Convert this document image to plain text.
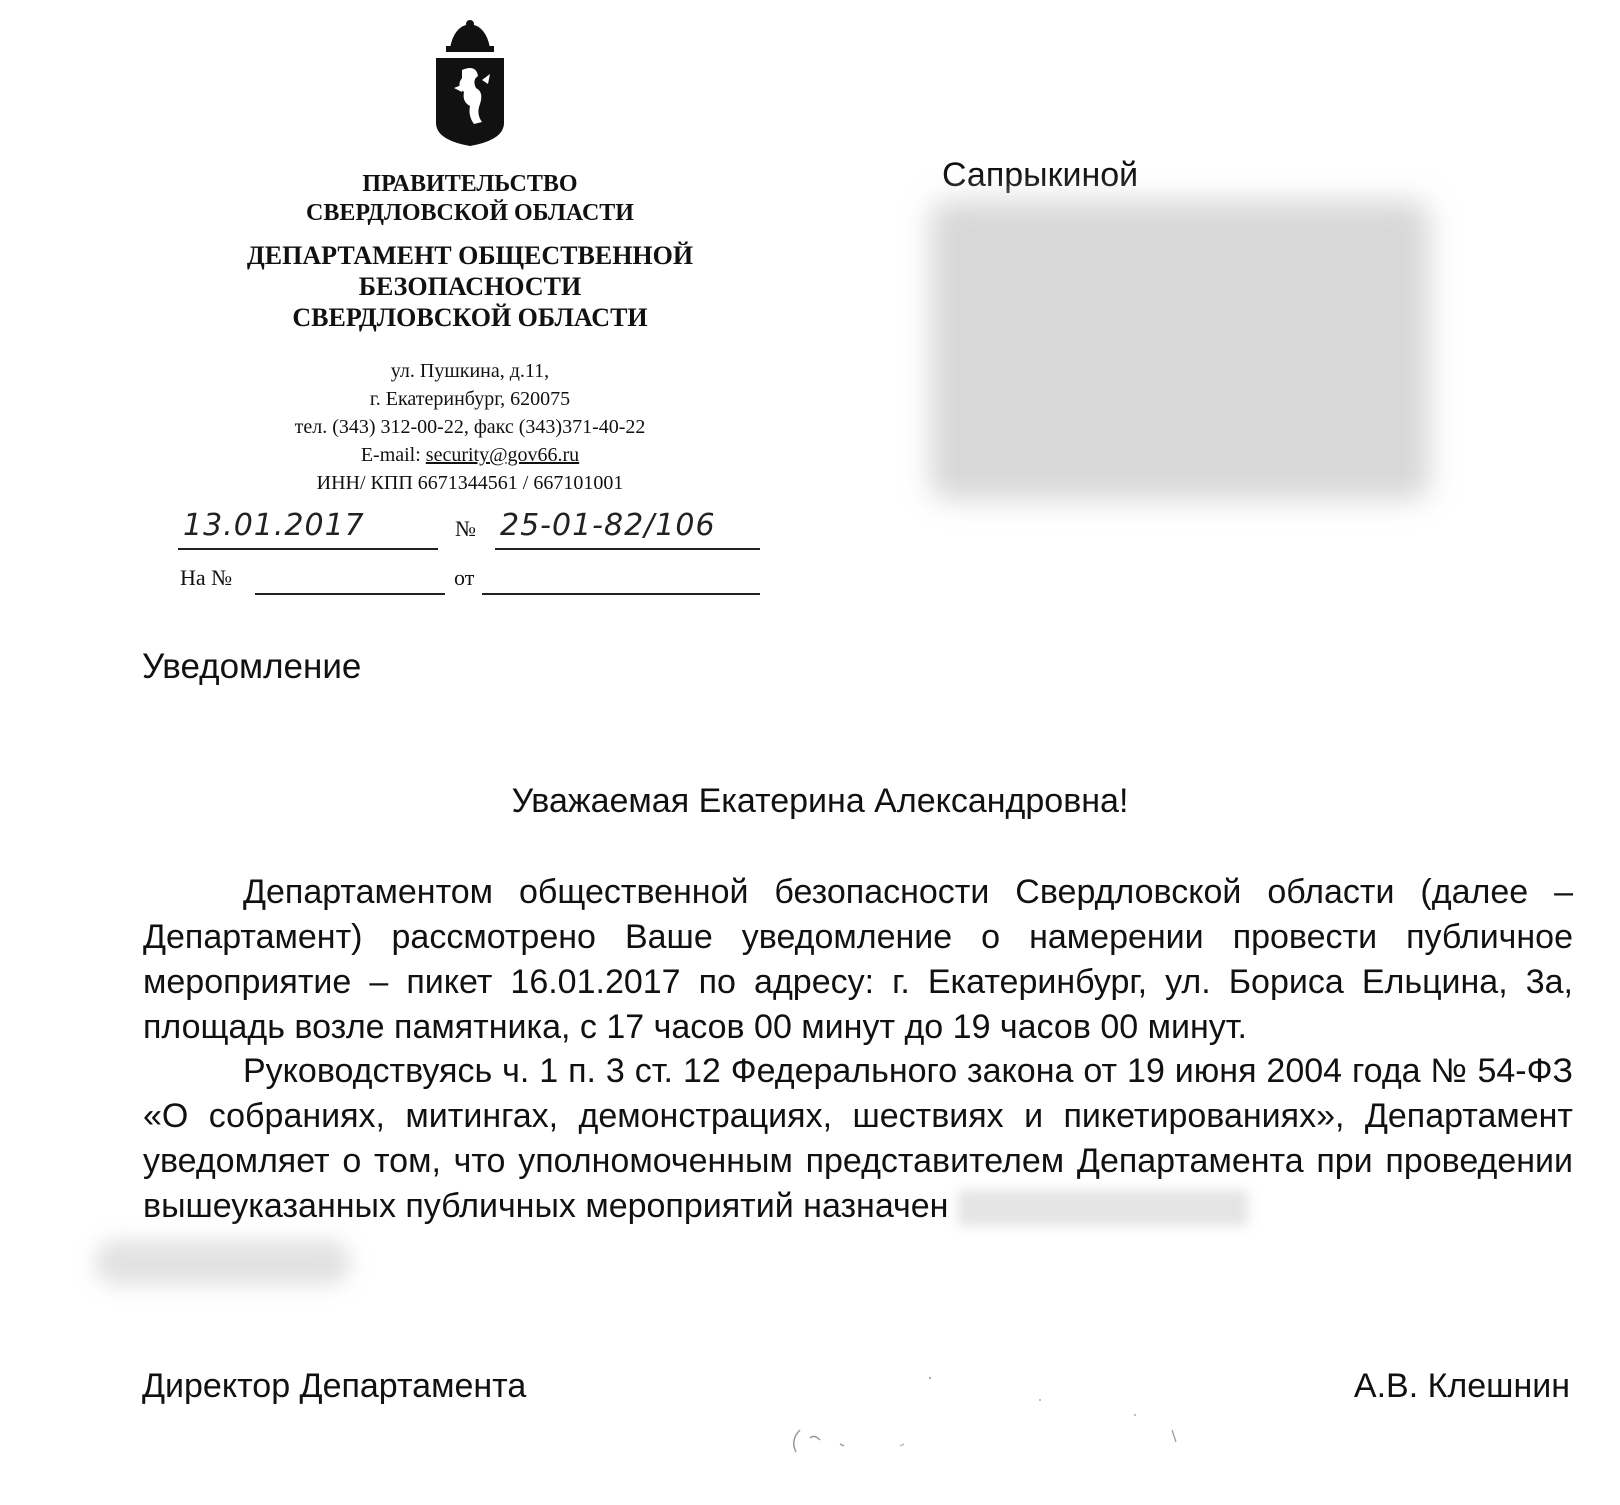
ПРАВИТЕЛЬСТВО
СВЕРДЛОВСКОЙ ОБЛАСТИ
ДЕПАРТАМЕНТ ОБЩЕСТВЕННОЙ
БЕЗОПАСНОСТИ
СВЕРДЛОВСКОЙ ОБЛАСТИ
ул. Пушкина, д.11,
г. Екатеринбург, 620075
тел. (343) 312-00-22, факс (343)371-40-22
E-mail: security@gov66.ru
ИНН/ КПП 6671344561 / 667101001
13.01.2017	№ 25-01-82/106
На №	от
Сапрыкиной
Уведомление
Уважаемая Екатерина Александровна!
Департаментом общественной безопасности Свердловской области (далее – Департамент) рассмотрено Ваше уведомление о намерении провести публичное мероприятие – пикет 16.01.2017 по адресу: г. Екатеринбург, ул. Бориса Ельцина, 3а, площадь возле памятника, с 17 часов 00 минут до 19 часов 00 минут.
Руководствуясь ч. 1 п. 3 ст. 12 Федерального закона от 19 июня 2004 года № 54-ФЗ «О собраниях, митингах, демонстрациях, шествиях и пикетированиях», Департамент уведомляет о том, что уполномоченным представителем Департамента при проведении вышеуказанных публичных мероприятий назначен
Директор Департамента	А.В. Клешнин
